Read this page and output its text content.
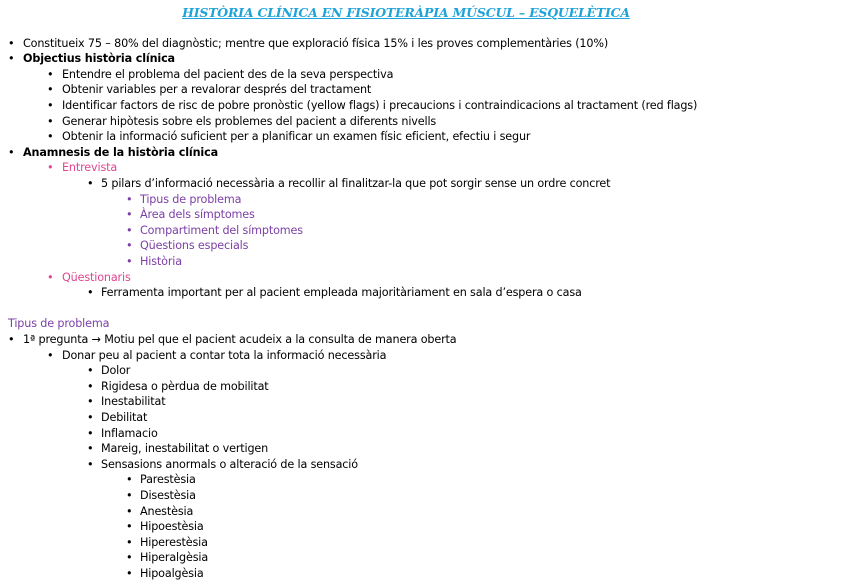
HISTÒRIA CLÍNICA EN FISIOTERÀPIA MÚSCUL – ESQUELÈTICA
• Constitueix 75 – 80% del diagnòstic; mentre que exploració física 15% i les proves complementàries (10%)
• Objectius història clínica
• Entendre el problema del pacient des de la seva perspectiva
• Obtenir variables per a revalorar després del tractament
• Identificar factors de risc de pobre pronòstic (yellow flags) i precaucions i contraindicacions al tractament (red flags)
• Generar hipòtesis sobre els problemes del pacient a diferents nivells
• Obtenir la informació suficient per a planificar un examen físic eficient, efectiu i segur
• Anamnesis de la història clínica
• Entrevista
• 5 pilars d’informació necessària a recollir al finalitzar-la que pot sorgir sense un ordre concret
• Tipus de problema
• Àrea dels símptomes
• Compartiment del símptomes
• Qüestions especials
• Història
• Qüestionaris
• Ferramenta important per al pacient empleada majoritàriament en sala d’espera o casa
Tipus de problema
• 1ª pregunta → Motiu pel que el pacient acudeix a la consulta de manera oberta
• Donar peu al pacient a contar tota la informació necessària
• Dolor
• Rigidesa o pèrdua de mobilitat
• Inestabilitat
• Debilitat
• Inflamacio
• Mareig, inestabilitat o vertigen
• Sensasions anormals o alteració de la sensació
• Parestèsia
• Disestèsia
• Anestèsia
• Hipoestèsia
• Hiperestèsia
• Hiperalgèsia
• Hipoalgèsia
